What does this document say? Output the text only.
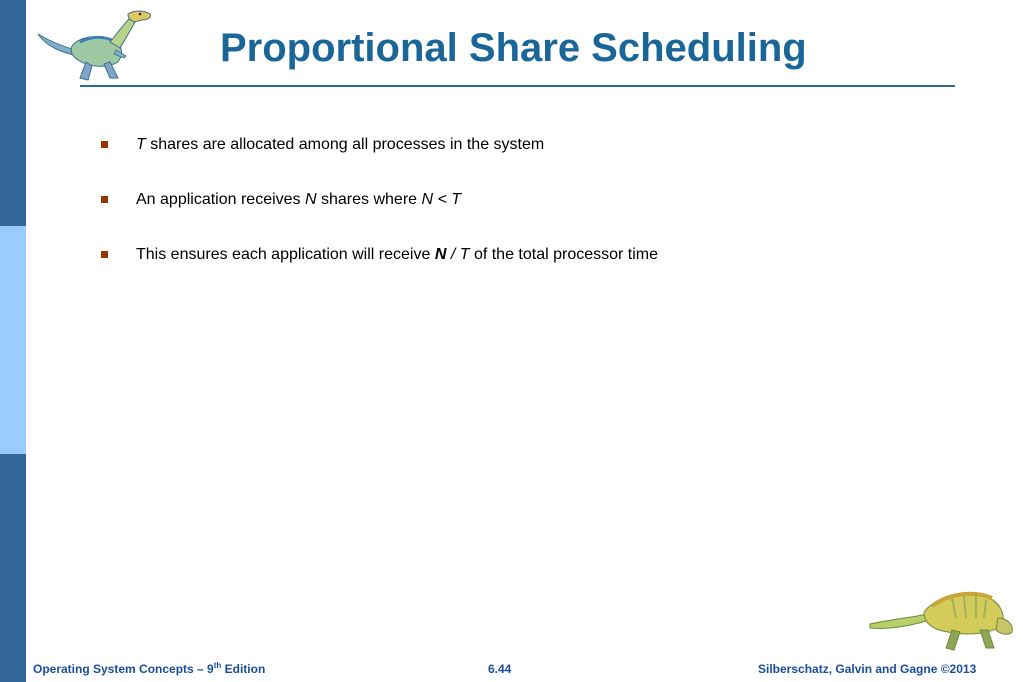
Proportional Share Scheduling
T shares are allocated among all processes in the system
An application receives N shares where N < T
This ensures each application will receive N / T of the total processor time
Operating System Concepts – 9th Edition	6.44	Silberschatz, Galvin and Gagne ©2013
